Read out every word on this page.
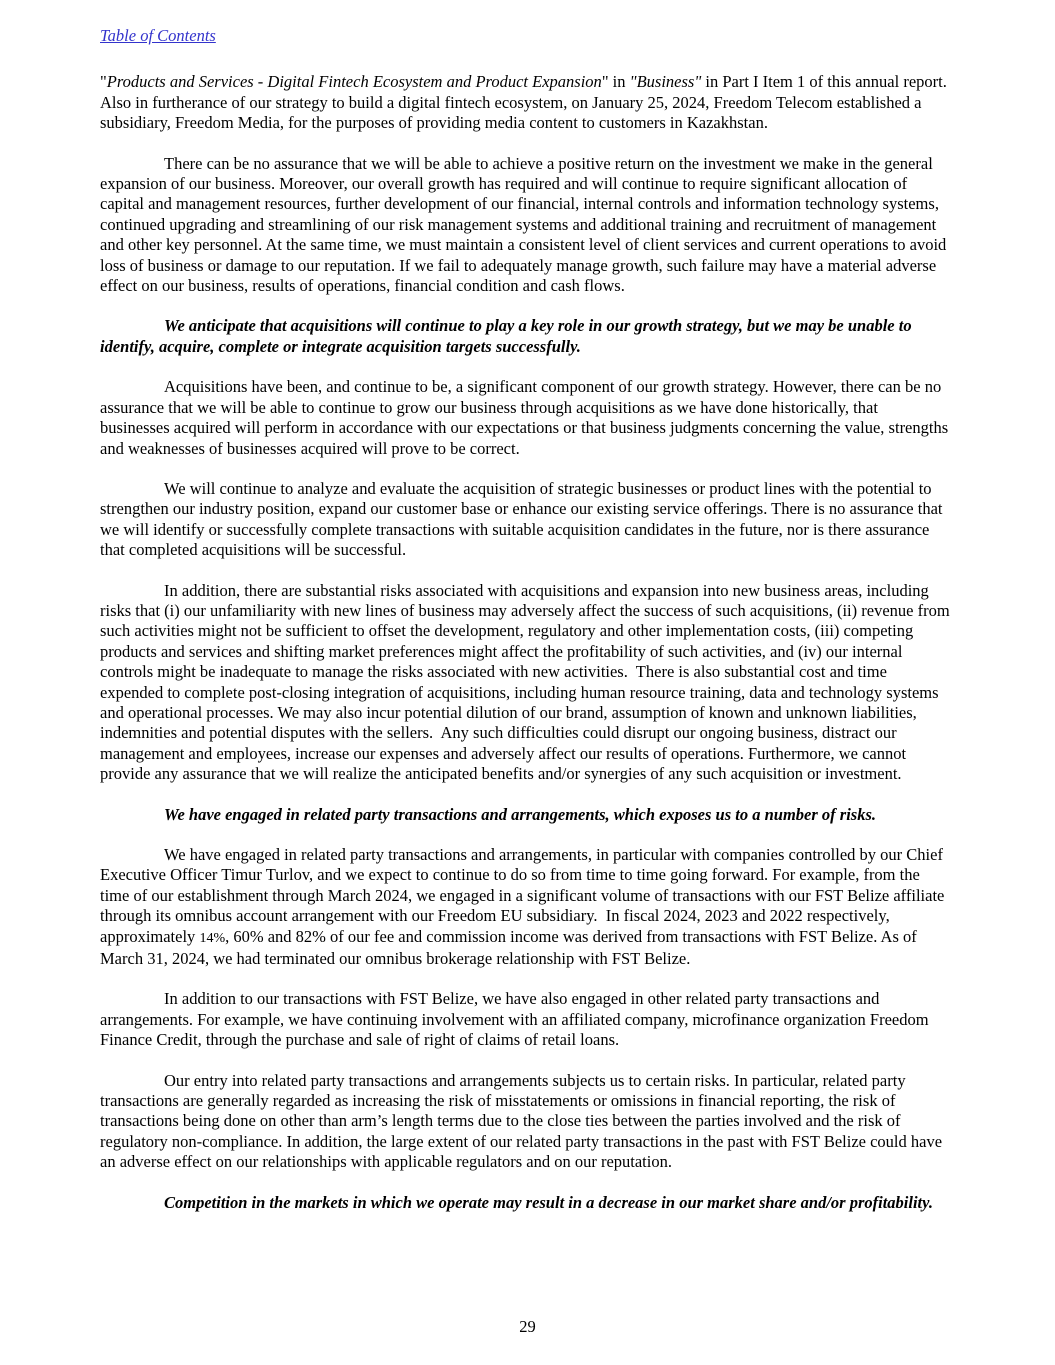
Table of Contents

"Products and Services - Digital Fintech Ecosystem and Product Expansion" in "Business" in Part I Item 1 of this annual report.  Also in furtherance of our strategy to build a digital fintech ecosystem, on January 25, 2024, Freedom Telecom established a subsidiary, Freedom Media, for the purposes of providing media content to customers in Kazakhstan.

There can be no assurance that we will be able to achieve a positive return on the investment we make in the general expansion of our business. Moreover, our overall growth has required and will continue to require significant allocation of capital and management resources, further development of our financial, internal controls and information technology systems, continued upgrading and streamlining of our risk management systems and additional training and recruitment of management and other key personnel. At the same time, we must maintain a consistent level of client services and current operations to avoid loss of business or damage to our reputation. If we fail to adequately manage growth, such failure may have a material adverse effect on our business, results of operations, financial condition and cash flows.

We anticipate that acquisitions will continue to play a key role in our growth strategy, but we may be unable to identify, acquire, complete or integrate acquisition targets successfully.

Acquisitions have been, and continue to be, a significant component of our growth strategy. However, there can be no assurance that we will be able to continue to grow our business through acquisitions as we have done historically, that businesses acquired will perform in accordance with our expectations or that business judgments concerning the value, strengths and weaknesses of businesses acquired will prove to be correct.

We will continue to analyze and evaluate the acquisition of strategic businesses or product lines with the potential to strengthen our industry position, expand our customer base or enhance our existing service offerings. There is no assurance that we will identify or successfully complete transactions with suitable acquisition candidates in the future, nor is there assurance that completed acquisitions will be successful.

In addition, there are substantial risks associated with acquisitions and expansion into new business areas, including risks that (i) our unfamiliarity with new lines of business may adversely affect the success of such acquisitions, (ii) revenue from such activities might not be sufficient to offset the development, regulatory and other implementation costs, (iii) competing products and services and shifting market preferences might affect the profitability of such activities, and (iv) our internal controls might be inadequate to manage the risks associated with new activities.  There is also substantial cost and time expended to complete post-closing integration of acquisitions, including human resource training, data and technology systems and operational processes. We may also incur potential dilution of our brand, assumption of known and unknown liabilities, indemnities and potential disputes with the sellers.  Any such difficulties could disrupt our ongoing business, distract our management and employees, increase our expenses and adversely affect our results of operations. Furthermore, we cannot provide any assurance that we will realize the anticipated benefits and/or synergies of any such acquisition or investment.

We have engaged in related party transactions and arrangements, which exposes us to a number of risks.

We have engaged in related party transactions and arrangements, in particular with companies controlled by our Chief Executive Officer Timur Turlov, and we expect to continue to do so from time to time going forward. For example, from the time of our establishment through March 2024, we engaged in a significant volume of transactions with our FST Belize affiliate through its omnibus account arrangement with our Freedom EU subsidiary.  In fiscal 2024, 2023 and 2022 respectively, approximately 14%, 60% and 82% of our fee and commission income was derived from transactions with FST Belize. As of March 31, 2024, we had terminated our omnibus brokerage relationship with FST Belize.

In addition to our transactions with FST Belize, we have also engaged in other related party transactions and arrangements. For example, we have continuing involvement with an affiliated company, microfinance organization Freedom Finance Credit, through the purchase and sale of right of claims of retail loans.

Our entry into related party transactions and arrangements subjects us to certain risks. In particular, related party transactions are generally regarded as increasing the risk of misstatements or omissions in financial reporting, the risk of transactions being done on other than arm’s length terms due to the close ties between the parties involved and the risk of regulatory non-compliance. In addition, the large extent of our related party transactions in the past with FST Belize could have an adverse effect on our relationships with applicable regulators and on our reputation.

Competition in the markets in which we operate may result in a decrease in our market share and/or profitability.

29
